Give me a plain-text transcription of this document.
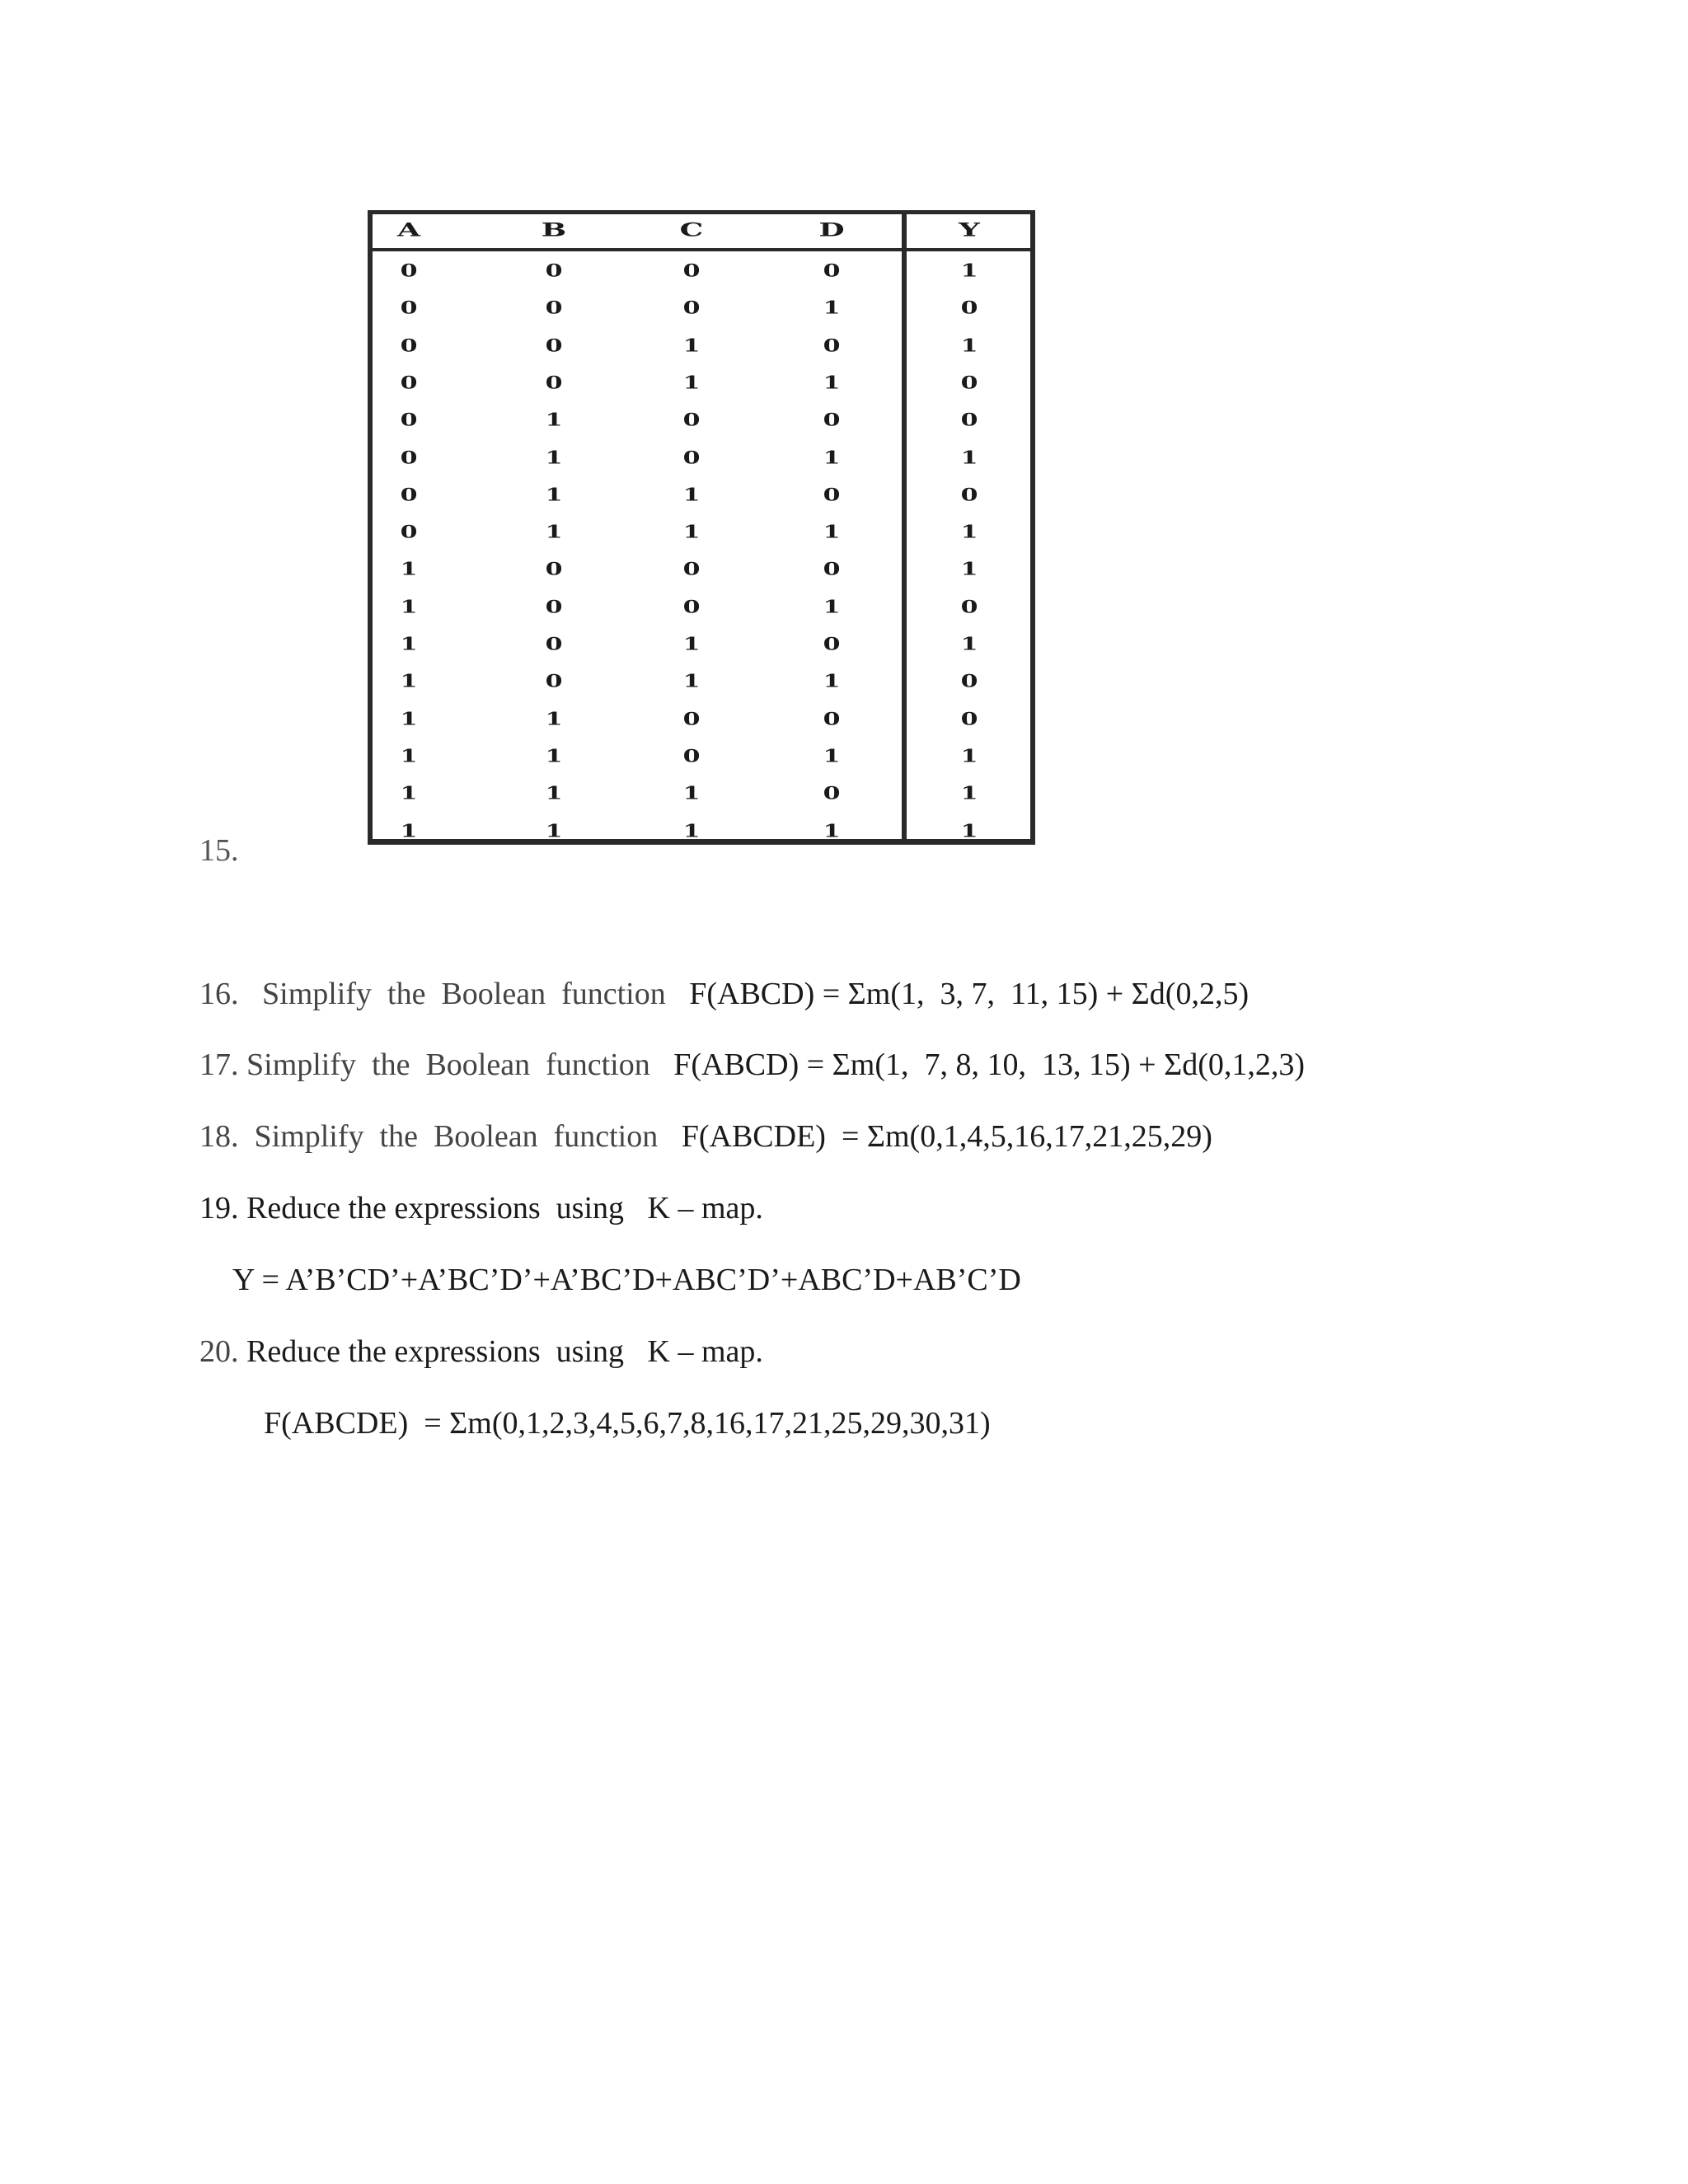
15.
A	B	C	D	Y
0	0	0	0	1
0	0	0	1	0
0	0	1	0	1
0	0	1	1	0
0	1	0	0	0
0	1	0	1	1
0	1	1	0	0
0	1	1	1	1
1	0	0	0	1
1	0	0	1	0
1	0	1	0	1
1	0	1	1	0
1	1	0	0	0
1	1	0	1	1
1	1	1	0	1
1	1	1	1	1
16.   Simplify  the  Boolean  function   F(ABCD) = Σm(1,  3, 7,  11, 15) + Σd(0,2,5)
17. Simplify  the  Boolean  function   F(ABCD) = Σm(1,  7, 8, 10,  13, 15) + Σd(0,1,2,3)
18.  Simplify  the  Boolean  function   F(ABCDE)  = Σm(0,1,4,5,16,17,21,25,29)
19. Reduce the expressions  using   K – map.
Y = A’B’CD’+A’BC’D’+A’BC’D+ABC’D’+ABC’D+AB’C’D
20. Reduce the expressions  using   K – map.
F(ABCDE)  = Σm(0,1,2,3,4,5,6,7,8,16,17,21,25,29,30,31)
